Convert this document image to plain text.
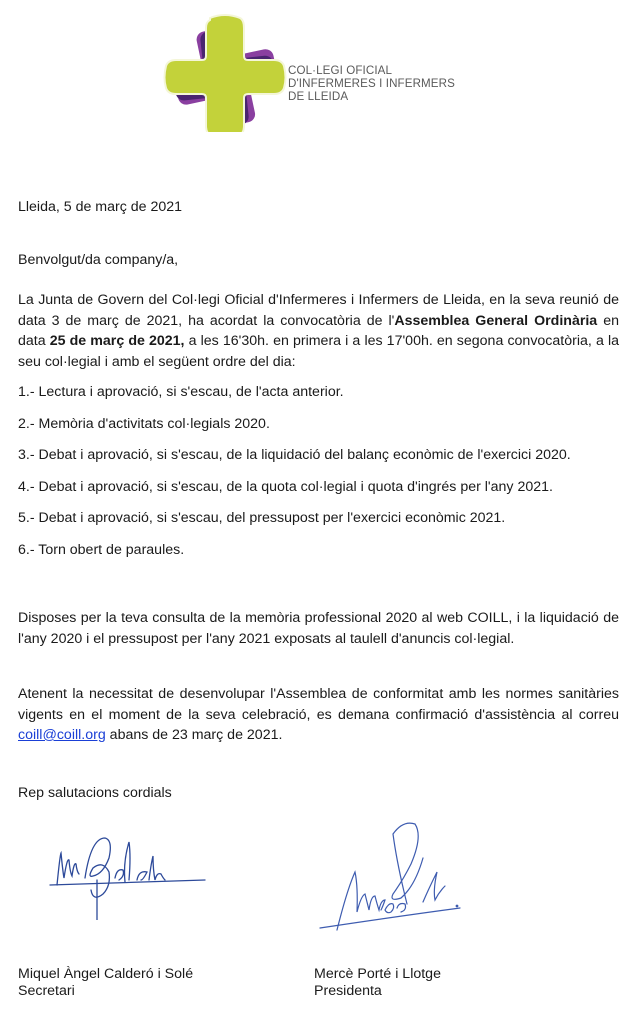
COL·LEGI OFICIAL
D'INFERMERES I INFERMERS
DE LLEIDA
Lleida, 5 de març de 2021
Benvolgut/da company/a,
La Junta de Govern del Col·legi Oficial d'Infermeres i Infermers de Lleida, en la seva reunió de data 3 de març de 2021, ha acordat la convocatòria de l'Assemblea General Ordinària en data 25 de març de 2021, a les 16'30h. en primera i a les 17'00h. en segona convocatòria, a la seu col·legial i amb el següent ordre del dia:
1.- Lectura i aprovació, si s'escau, de l'acta anterior.
2.- Memòria d'activitats col·legials 2020.
3.- Debat i aprovació, si s'escau, de la liquidació del balanç econòmic de l'exercici 2020.
4.- Debat i aprovació, si s'escau, de la quota col·legial i quota d'ingrés per l'any 2021.
5.- Debat i aprovació, si s'escau, del pressupost per l'exercici econòmic 2021.
6.- Torn obert de paraules.
Disposes per la teva consulta de la memòria professional 2020 al web COILL, i la liquidació de l'any 2020 i el pressupost per l'any 2021 exposats al taulell d'anuncis col·legial.
Atenent la necessitat de desenvolupar l'Assemblea de conformitat amb les normes sanitàries vigents en el moment de la seva celebració, es demana confirmació d'assistència al correu coill@coill.org abans de 23 març de 2021.
Rep salutacions cordials
Miquel Àngel Calderó i Solé
Secretari
Mercè Porté i Llotge
Presidenta
